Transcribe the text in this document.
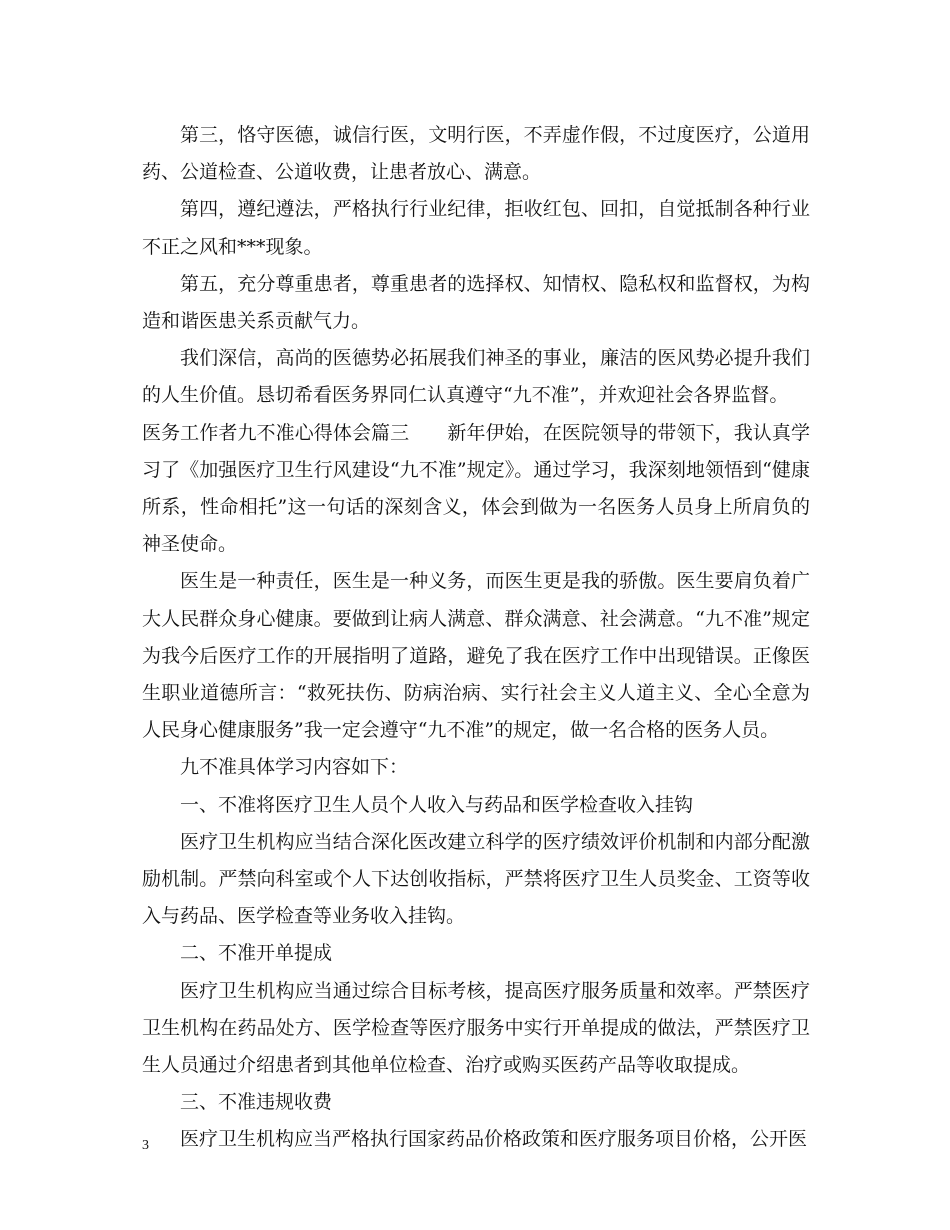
第三，恪守医德，诚信行医，文明行医，不弄虚作假，不过度医疗，公道用药、公道检查、公道收费，让患者放心、满意。

第四，遵纪遵法，严格执行行业纪律，拒收红包、回扣，自觉抵制各种行业不正之风和***现象。

第五，充分尊重患者，尊重患者的选择权、知情权、隐私权和监督权，为构造和谐医患关系贡献气力。

我们深信，高尚的医德势必拓展我们神圣的事业，廉洁的医风势必提升我们的人生价值。恳切希看医务界同仁认真遵守“九不准”，并欢迎社会各界监督。

医务工作者九不准心得体会篇三　　新年伊始，在医院领导的带领下，我认真学习了《加强医疗卫生行风建设“九不准”规定》。通过学习，我深刻地领悟到“健康所系，性命相托”这一句话的深刻含义，体会到做为一名医务人员身上所肩负的神圣使命。

医生是一种责任，医生是一种义务，而医生更是我的骄傲。医生要肩负着广大人民群众身心健康。要做到让病人满意、群众满意、社会满意。“九不准”规定为我今后医疗工作的开展指明了道路，避免了我在医疗工作中出现错误。正像医生职业道德所言：“救死扶伤、防病治病、实行社会主义人道主义、全心全意为人民身心健康服务”我一定会遵守“九不准”的规定，做一名合格的医务人员。

九不准具体学习内容如下：

一、不准将医疗卫生人员个人收入与药品和医学检查收入挂钩

医疗卫生机构应当结合深化医改建立科学的医疗绩效评价机制和内部分配激励机制。严禁向科室或个人下达创收指标，严禁将医疗卫生人员奖金、工资等收入与药品、医学检查等业务收入挂钩。

二、不准开单提成

医疗卫生机构应当通过综合目标考核，提高医疗服务质量和效率。严禁医疗卫生机构在药品处方、医学检查等医疗服务中实行开单提成的做法，严禁医疗卫生人员通过介绍患者到其他单位检查、治疗或购买医药产品等收取提成。

三、不准违规收费

医疗卫生机构应当严格执行国家药品价格政策和医疗服务项目价格，公开医

3
